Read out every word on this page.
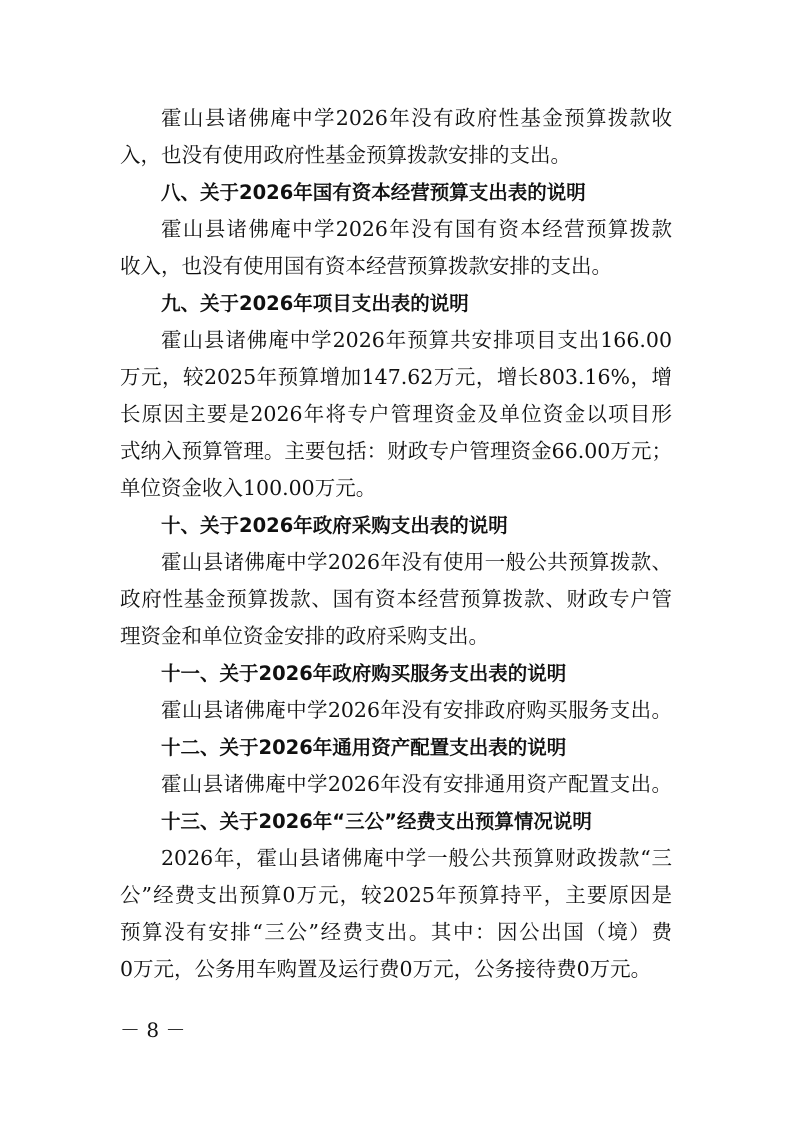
霍山县诸佛庵中学2026年没有政府性基金预算拨款收
入，也没有使用政府性基金预算拨款安排的支出。
八、关于2026年国有资本经营预算支出表的说明
霍山县诸佛庵中学2026年没有国有资本经营预算拨款
收入，也没有使用国有资本经营预算拨款安排的支出。
九、关于2026年项目支出表的说明
霍山县诸佛庵中学2026年预算共安排项目支出166.00
万元，较2025年预算增加147.62万元，增长803.16%，增
长原因主要是2026年将专户管理资金及单位资金以项目形
式纳入预算管理。主要包括：财政专户管理资金66.00万元；
单位资金收入100.00万元。
十、关于2026年政府采购支出表的说明
霍山县诸佛庵中学2026年没有使用一般公共预算拨款、
政府性基金预算拨款、国有资本经营预算拨款、财政专户管
理资金和单位资金安排的政府采购支出。
十一、关于2026年政府购买服务支出表的说明
霍山县诸佛庵中学2026年没有安排政府购买服务支出。
十二、关于2026年通用资产配置支出表的说明
霍山县诸佛庵中学2026年没有安排通用资产配置支出。
十三、关于2026年“三公”经费支出预算情况说明
2026年，霍山县诸佛庵中学一般公共预算财政拨款“三
公”经费支出预算0万元，较2025年预算持平，主要原因是
预算没有安排“三公”经费支出。其中：因公出国（境）费
0万元，公务用车购置及运行费0万元，公务接待费0万元。
－ 8 －
